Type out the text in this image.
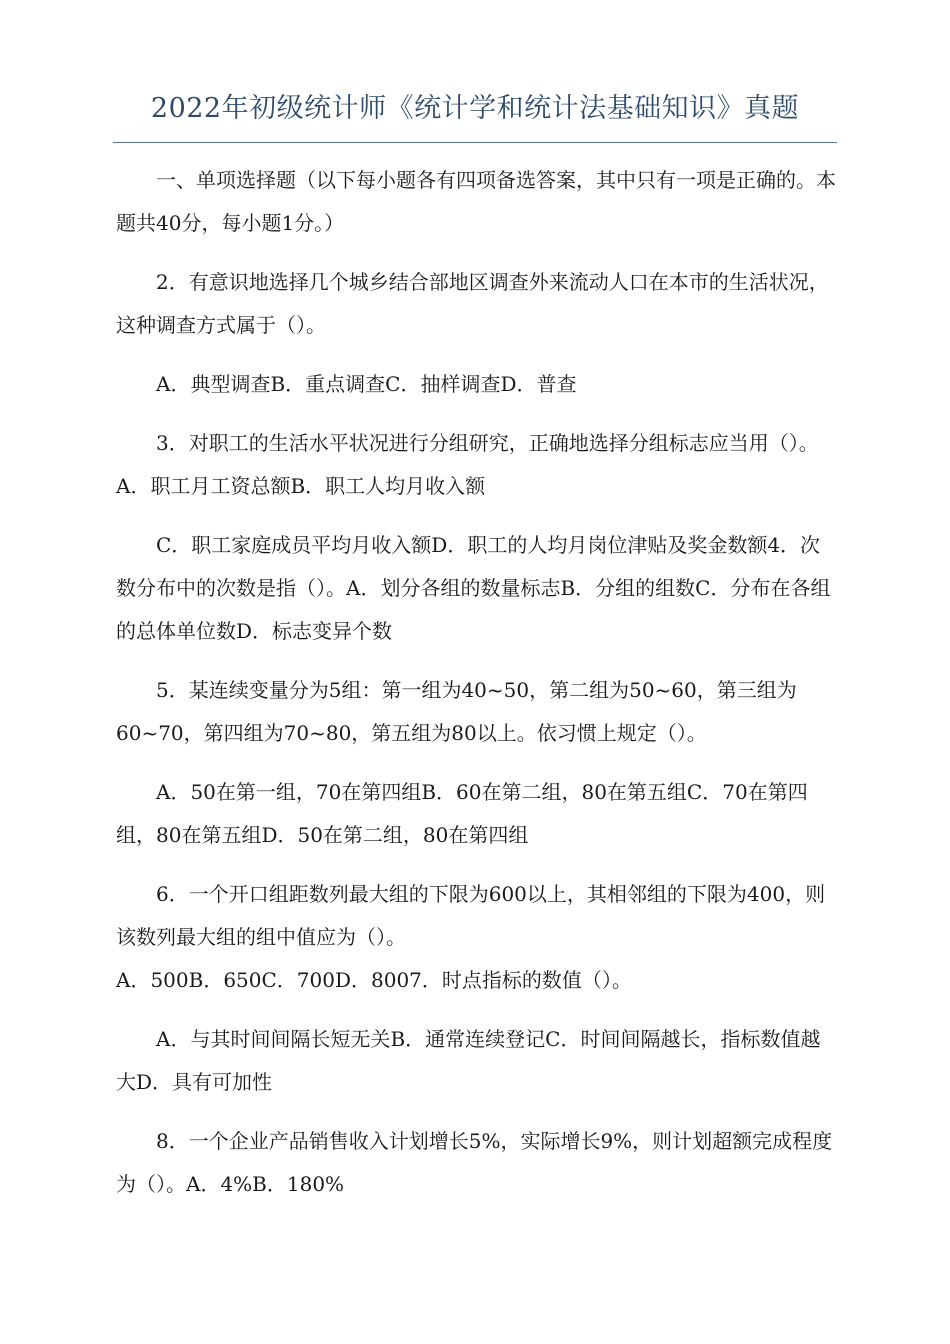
2022年初级统计师《统计学和统计法基础知识》真题

一、单项选择题（以下每小题各有四项备选答案，其中只有一项是正确的。本题共40分，每小题1分。）

2．有意识地选择几个城乡结合部地区调查外来流动人口在本市的生活状况，这种调查方式属于（）。

A．典型调查B．重点调查C．抽样调查D．普查

3．对职工的生活水平状况进行分组研究，正确地选择分组标志应当用（）。A．职工月工资总额B．职工人均月收入额

C．职工家庭成员平均月收入额D．职工的人均月岗位津贴及奖金数额4．次数分布中的次数是指（）。A．划分各组的数量标志B．分组的组数C．分布在各组的总体单位数D．标志变异个数

5．某连续变量分为5组：第一组为40~50，第二组为50~60，第三组为60~70，第四组为70~80，第五组为80以上。依习惯上规定（）。

A．50在第一组，70在第四组B．60在第二组，80在第五组C．70在第四组，80在第五组D．50在第二组，80在第四组

6．一个开口组距数列最大组的下限为600以上，其相邻组的下限为400，则该数列最大组的组中值应为（）。

A．500B．650C．700D．8007．时点指标的数值（）。

A．与其时间间隔长短无关B．通常连续登记C．时间间隔越长，指标数值越大D．具有可加性

8．一个企业产品销售收入计划增长5%，实际增长9%，则计划超额完成程度为（）。A．4%B．180%
